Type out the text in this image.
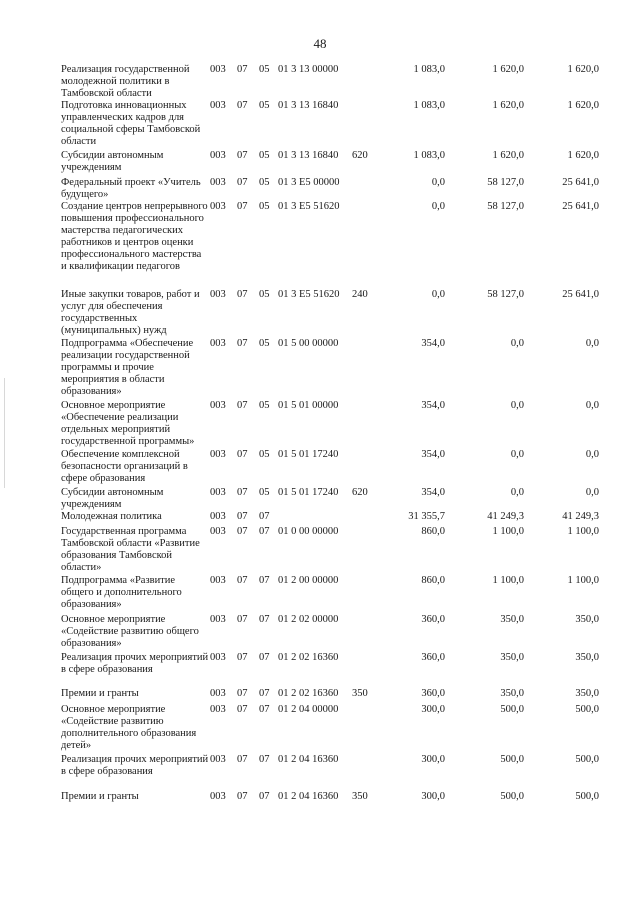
48
Реализация государственной молодежной политики в Тамбовской области
003	07	05 01 3 13 00000	1 083,0	1 620,0	1 620,0
Подготовка инновационных управленческих кадров для социальной сферы Тамбовской области
003	07	05 01 3 13 16840	1 083,0	1 620,0	1 620,0
Субсидии автономным учреждениям
003	07	05 01 3 13 16840	620	1 083,0	1 620,0	1 620,0
Федеральный проект «Учитель будущего»
003	07	05 01 3 E5 00000	0,0	58 127,0	25 641,0
Создание центров непрерывного повышения профессионального мастерства педагогических работников и центров оценки профессионального мастерства и квалификации педагогов
003	07	05 01 3 E5 51620	0,0	58 127,0	25 641,0
Иные закупки товаров, работ и услуг для обеспечения государственных (муниципальных) нужд
003	07	05 01 3 E5 51620	240	0,0	58 127,0	25 641,0
Подпрограмма «Обеспечение реализации государственной программы и прочие мероприятия в области образования»
003	07	05 01 5 00 00000	354,0	0,0	0,0
Основное мероприятие «Обеспечение реализации отдельных мероприятий государственной программы»
003	07	05 01 5 01 00000	354,0	0,0	0,0
Обеспечение комплексной безопасности организаций в сфере образования
003	07	05 01 5 01 17240	354,0	0,0	0,0
Субсидии автономным учреждениям
003	07	05 01 5 01 17240	620	354,0	0,0	0,0
Молодежная политика	003	07	07	31 355,7	41 249,3	41 249,3
Государственная программа Тамбовской области «Развитие образования Тамбовской области»
003	07	07 01 0 00 00000	860,0	1 100,0	1 100,0
Подпрограмма «Развитие общего и дополнительного образования»
003	07	07 01 2 00 00000	860,0	1 100,0	1 100,0
Основное мероприятие «Содействие развитию общего образования»
003	07	07 01 2 02 00000	360,0	350,0	350,0
Реализация прочих мероприятий в сфере образования
003	07	07 01 2 02 16360	360,0	350,0	350,0
Премии и гранты	003	07	07 01 2 02 16360	350	360,0	350,0	350,0
Основное мероприятие «Содействие развитию дополнительного образования детей»
003	07	07 01 2 04 00000	300,0	500,0	500,0
Реализация прочих мероприятий в сфере образования
003	07	07 01 2 04 16360	300,0	500,0	500,0
Премии и гранты	003	07	07 01 2 04 16360	350	300,0	500,0	500,0
